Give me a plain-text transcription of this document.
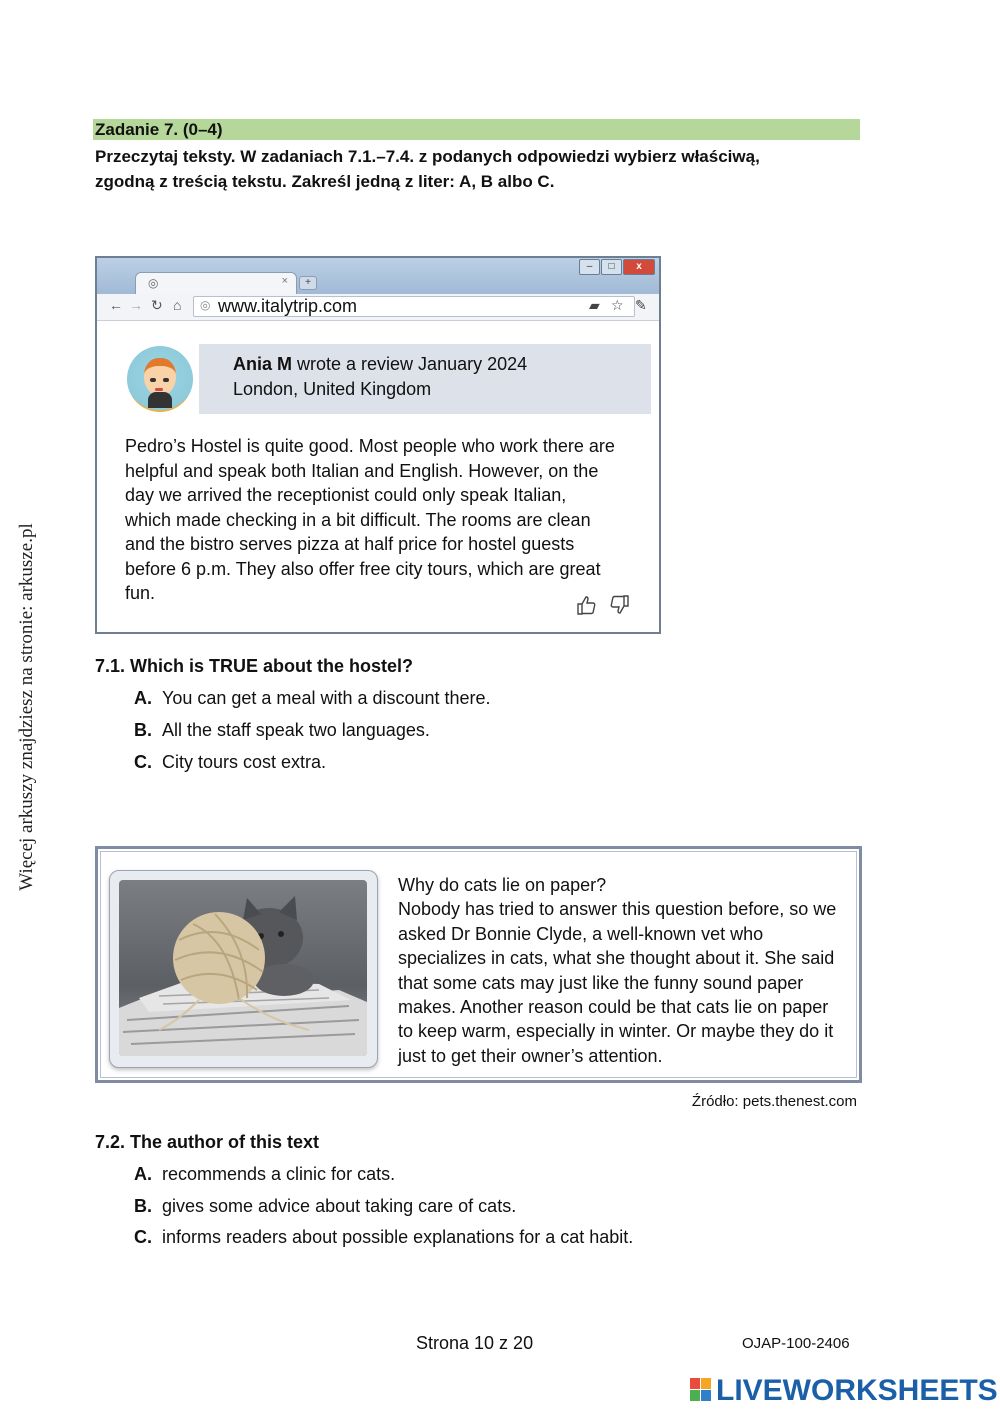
Więcej arkuszy znajdziesz na stronie: arkusze.pl
Zadanie 7. (0–4)
Przeczytaj teksty. W zadaniach 7.1.–7.4. z podanych odpowiedzi wybierz właściwą,
zgodną z treścią tekstu. Zakreśl jedną z liter: A, B albo C.
◎	×	+
–	□	x
← → ↻ ⌂ ◎ www.italytrip.com	▰ ☆ ✎
Ania M wrote a review January 2024
London, United Kingdom
Pedro’s Hostel is quite good. Most people who work there are
helpful and speak both Italian and English. However, on the
day we arrived the receptionist could only speak Italian,
which made checking in a bit difficult. The rooms are clean
and the bistro serves pizza at half price for hostel guests
before 6 p.m. They also offer free city tours, which are great
fun.
7.1. Which is TRUE about the hostel?
A. You can get a meal with a discount there.
B. All the staff speak two languages.
C. City tours cost extra.
Why do cats lie on paper?
Nobody has tried to answer this question before, so we
asked Dr Bonnie Clyde, a well-known vet who
specializes in cats, what she thought about it. She said
that some cats may just like the funny sound paper
makes. Another reason could be that cats lie on paper
to keep warm, especially in winter. Or maybe they do it
just to get their owner’s attention.
Źródło: pets.thenest.com
7.2. The author of this text
A. recommends a clinic for cats.
B. gives some advice about taking care of cats.
C. informs readers about possible explanations for a cat habit.
Strona 10 z 20	OJAP-100-2406
LIVEWORKSHEETS
